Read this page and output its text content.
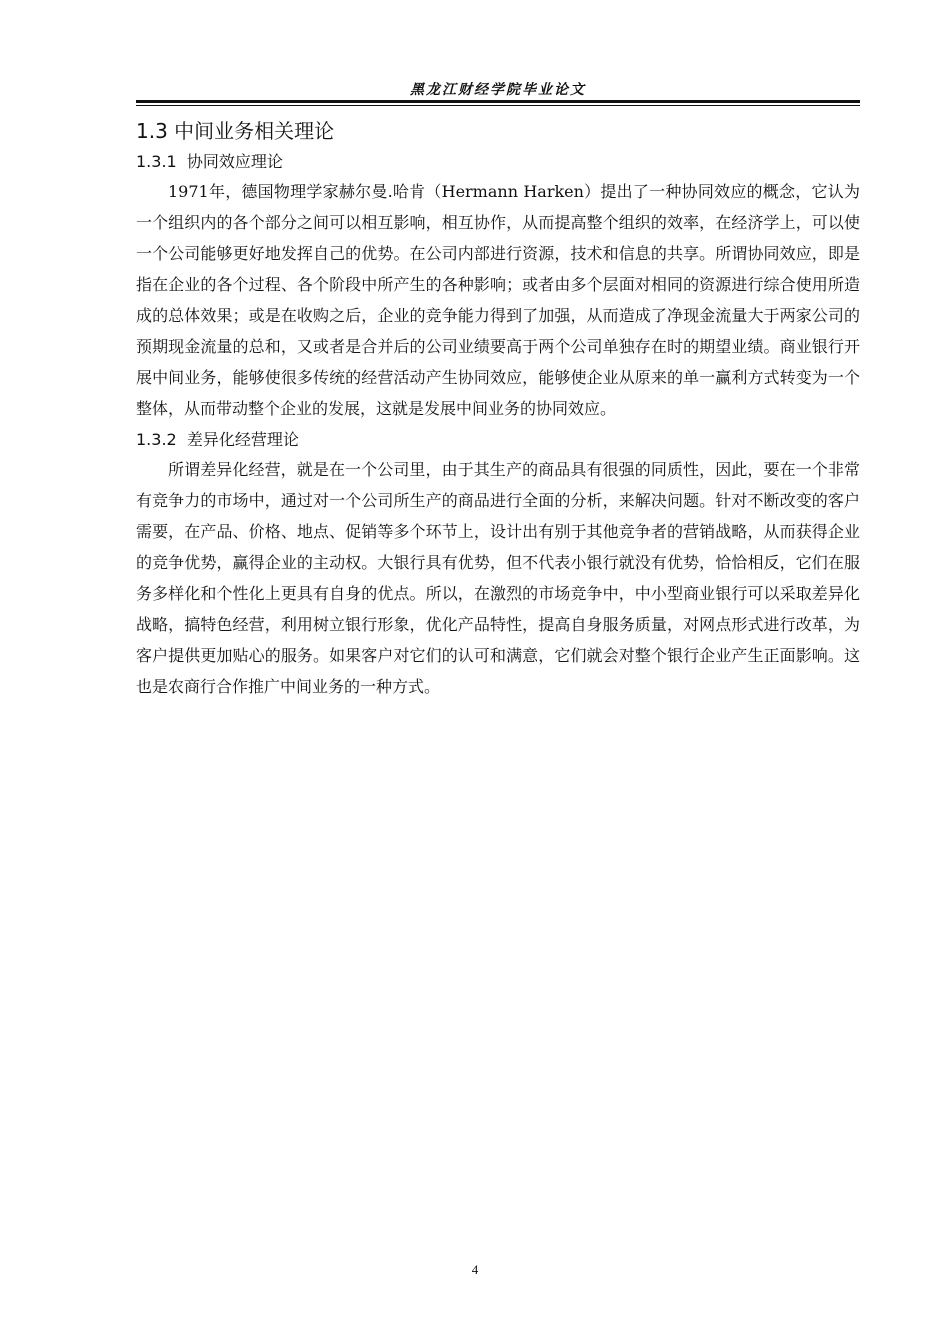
黑龙江财经学院毕业论文
1.3 中间业务相关理论
1.3.1  协同效应理论

1971年，德国物理学家赫尔曼.哈肯（Hermann Harken）提出了一种协同效应的概念，它认为一个组织内的各个部分之间可以相互影响，相互协作，从而提高整个组织的效率，在经济学上，可以使一个公司能够更好地发挥自己的优势。在公司内部进行资源，技术和信息的共享。所谓协同效应，即是指在企业的各个过程、各个阶段中所产生的各种影响；或者由多个层面对相同的资源进行综合使用所造成的总体效果；或是在收购之后，企业的竞争能力得到了加强，从而造成了净现金流量大于两家公司的预期现金流量的总和，又或者是合并后的公司业绩要高于两个公司单独存在时的期望业绩。商业银行开展中间业务，能够使很多传统的经营活动产生协同效应，能够使企业从原来的单一赢利方式转变为一个整体，从而带动整个企业的发展，这就是发展中间业务的协同效应。

1.3.2  差异化经营理论

所谓差异化经营，就是在一个公司里，由于其生产的商品具有很强的同质性，因此，要在一个非常有竞争力的市场中，通过对一个公司所生产的商品进行全面的分析，来解决问题。针对不断改变的客户需要，在产品、价格、地点、促销等多个环节上，设计出有别于其他竞争者的营销战略，从而获得企业的竞争优势，赢得企业的主动权。大银行具有优势，但不代表小银行就没有优势，恰恰相反，它们在服务多样化和个性化上更具有自身的优点。所以，在激烈的市场竞争中，中小型商业银行可以采取差异化战略，搞特色经营，利用树立银行形象，优化产品特性，提高自身服务质量，对网点形式进行改革，为客户提供更加贴心的服务。如果客户对它们的认可和满意，它们就会对整个银行企业产生正面影响。这也是农商行合作推广中间业务的一种方式。

4
